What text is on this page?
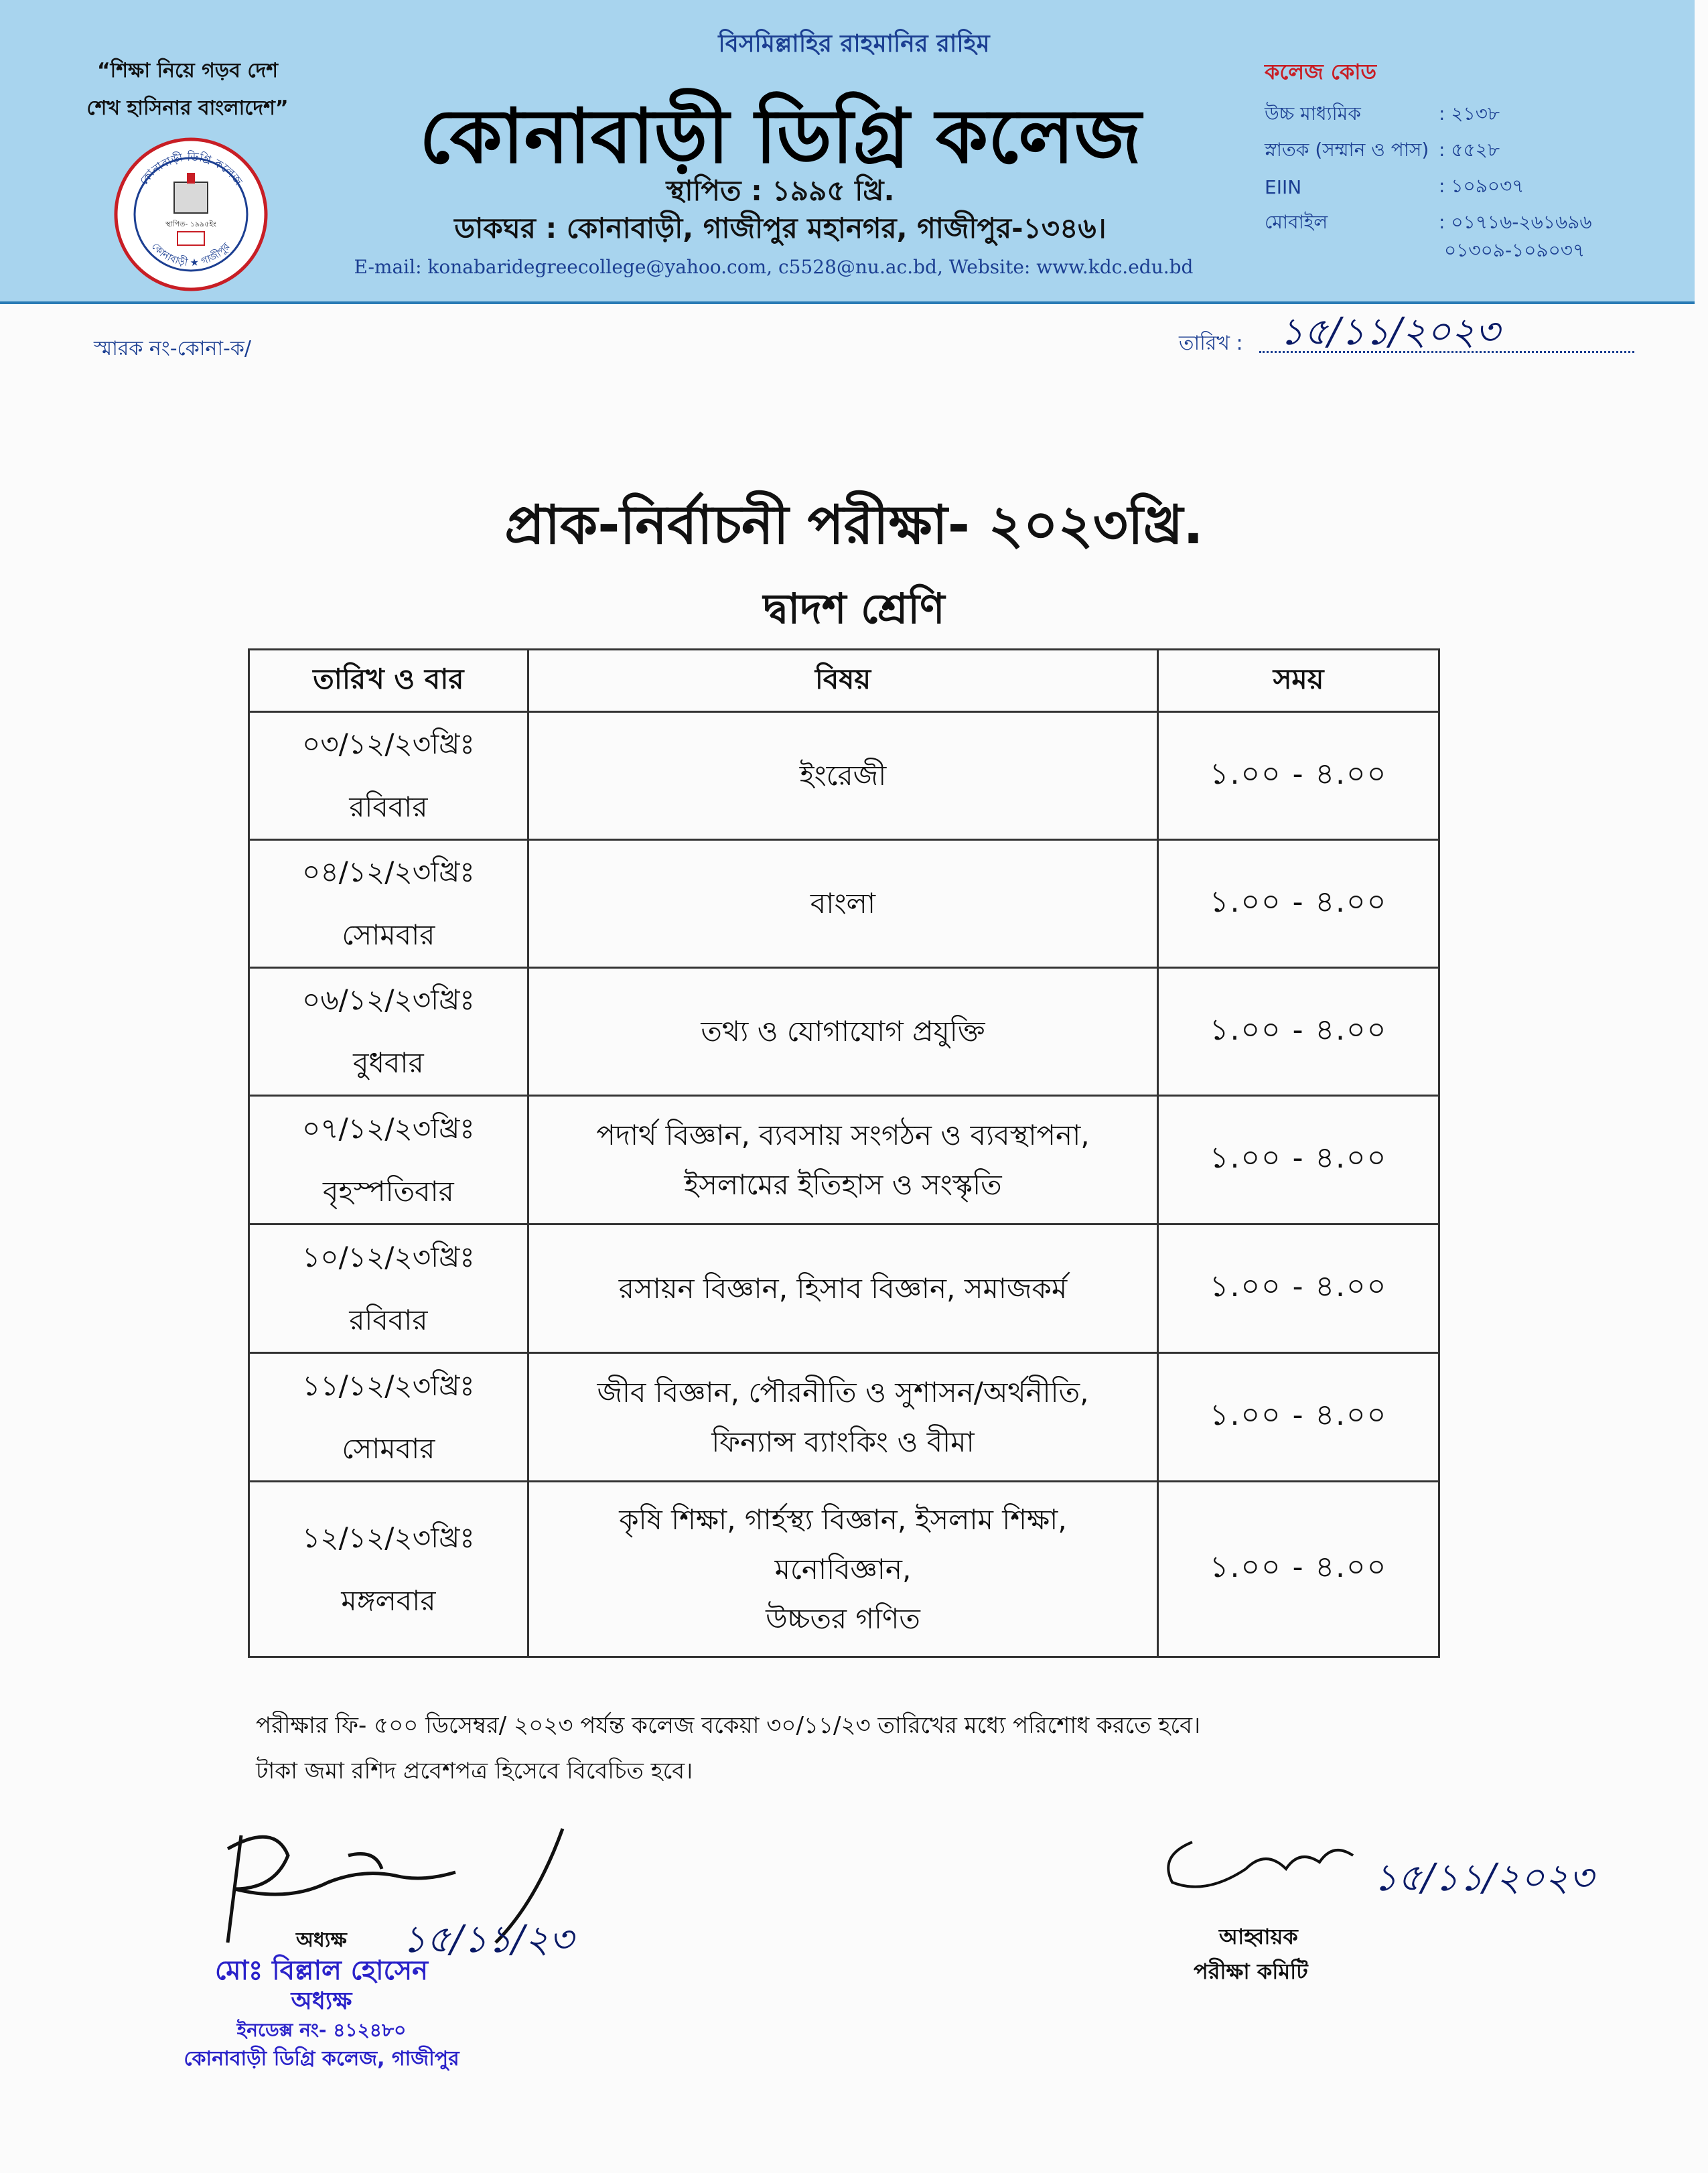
“শিক্ষা নিয়ে গড়ব দেশ
শেখ হাসিনার বাংলাদেশ”
কোনাবাড়ী ডিগ্রি কলেজ
কোনাবাড়ী ★ গাজীপুর
স্থাপিত- ১৯৯৫ইং
বিসমিল্লাহির রাহমানির রাহিম
কোনাবাড়ী ডিগ্রি কলেজ
স্থাপিত : ১৯৯৫ খ্রি.
ডাকঘর : কোনাবাড়ী, গাজীপুর মহানগর, গাজীপুর-১৩৪৬।
E-mail: konabaridegreecollege@yahoo.com, c5528@nu.ac.bd, Website: www.kdc.edu.bd
কলেজ কোড
উচ্চ মাধ্যমিক	: ২১৩৮
স্নাতক (সম্মান ও পাস) : ৫৫২৮
EIIN	: ১০৯০৩৭
মোবাইল	: ০১৭১৬-২৬১৬৯৬
০১৩০৯-১০৯০৩৭
স্মারক নং-কোনা-ক/	তারিখ : ১৫/১১/২০২৩
প্রাক-নির্বাচনী পরীক্ষা- ২০২৩খ্রি.
দ্বাদশ শ্রেণি
তারিখ ও বার	বিষয়	সময়

০৩/১২/২৩খ্রিঃ
রবিবার	ইংরেজী	১.০০ - ৪.০০

০৪/১২/২৩খ্রিঃ
সোমবার	বাংলা	১.০০ - ৪.০০

০৬/১২/২৩খ্রিঃ
বুধবার	তথ্য ও যোগাযোগ প্রযুক্তি	১.০০ - ৪.০০

০৭/১২/২৩খ্রিঃ
বৃহস্পতিবার	পদার্থ বিজ্ঞান, ব্যবসায় সংগঠন ও ব্যবস্থাপনা,
ইসলামের ইতিহাস ও সংস্কৃতি	১.০০ - ৪.০০

১০/১২/২৩খ্রিঃ
রবিবার	রসায়ন বিজ্ঞান, হিসাব বিজ্ঞান, সমাজকর্ম	১.০০ - ৪.০০

১১/১২/২৩খ্রিঃ
সোমবার	জীব বিজ্ঞান, পৌরনীতি ও সুশাসন/অর্থনীতি,
ফিন্যান্স ব্যাংকিং ও বীমা	১.০০ - ৪.০০

১২/১২/২৩খ্রিঃ
মঙ্গলবার	কৃষি শিক্ষা, গার্হস্থ্য বিজ্ঞান, ইসলাম শিক্ষা,
মনোবিজ্ঞান,
উচ্চতর গণিত	১.০০ - ৪.০০
পরীক্ষার ফি- ৫০০ ডিসেম্বর/ ২০২৩ পর্যন্ত কলেজ বকেয়া ৩০/১১/২৩ তারিখের মধ্যে পরিশোধ করতে হবে।
টাকা জমা রশিদ প্রবেশপত্র হিসেবে বিবেচিত হবে।
১৫/১১/২৩
অধ্যক্ষ
মোঃ বিল্লাল হোসেন
অধ্যক্ষ
ইনডেক্স নং- ৪১২৪৮০
কোনাবাড়ী ডিগ্রি কলেজ, গাজীপুর
১৫/১১/২০২৩
আহ্বায়ক
পরীক্ষা কমিটি
